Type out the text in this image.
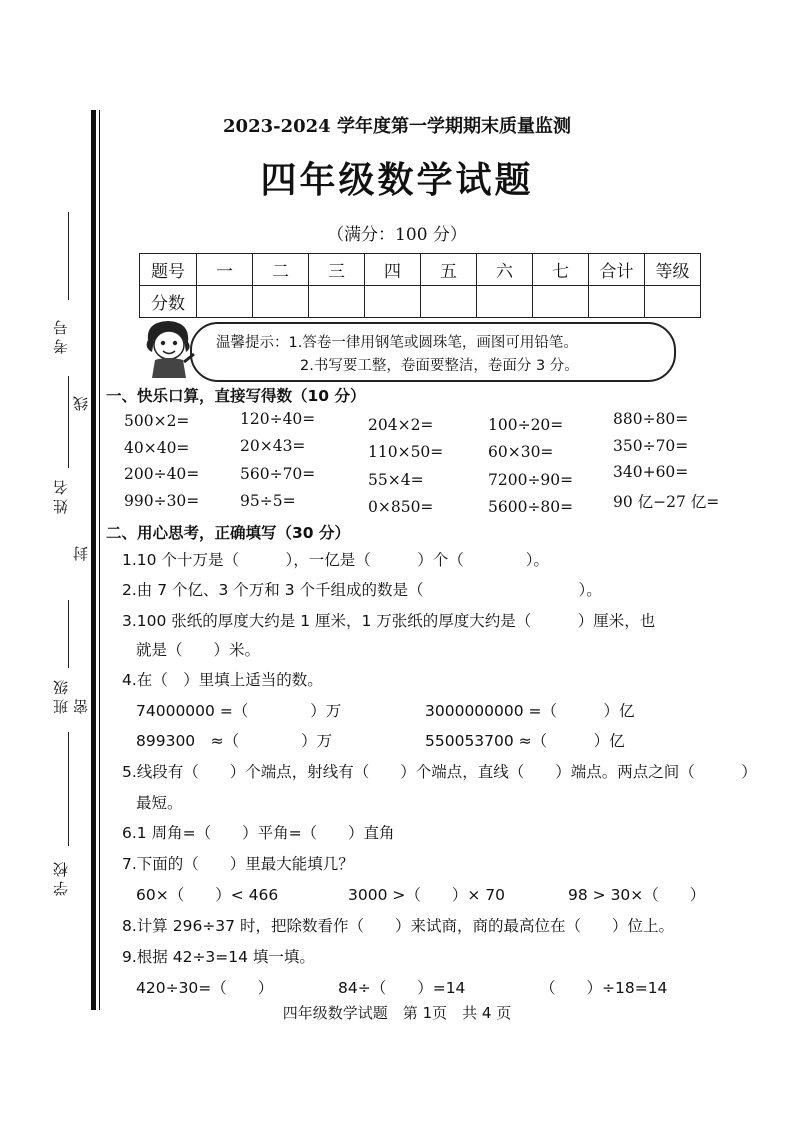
考号
线
姓名
封
班级 密
学校
2023-2024 学年度第一学期期末质量监测
四年级数学试题
（满分：100 分）
题号	一	二	三	四	五	六	七	合计	等级
分数									
温馨提示：1.答卷一律用钢笔或圆珠笔，画图可用铅笔。
2.书写要工整，卷面要整洁，卷面分 3 分。
一、快乐口算，直接写得数（10 分）
500×2=	120÷40=	204×2=	100÷20=	880÷80=
40×40=	20×43=	110×50=	60×30=	350÷70=
200÷40=	560÷70=	55×4=	7200÷90=	340+60=
990÷30=	95÷5=	0×850=	5600÷80=	90 亿−27 亿=
二、用心思考，正确填写（30 分）
1.10 个十万是（　　　），一亿是（　　　）个（　　　　）。
2.由 7 个亿、3 个万和 3 个千组成的数是（　　　　　　　　　　）。
3.100 张纸的厚度大约是 1 厘米，1 万张纸的厚度大约是（　　　）厘米，也
就是（　　）米。
4.在（　）里填上适当的数。
74000000 =（　　　　）万	3000000000 =（　　　）亿
899300　≈（　　　　）万	550053700 ≈（　　　）亿
5.线段有（　　）个端点，射线有（　　）个端点，直线（　　）端点。两点之间（　　　）
最短。
6.1 周角=（　　）平角=（　　）直角
7.下面的（　　）里最大能填几？
60×（　　）< 466	3000 >（　　）× 70	98 > 30×（　　）
8.计算 296÷37 时，把除数看作（　　）来试商，商的最高位在（　　）位上。
9.根据 42÷3=14 填一填。
420÷30=（　　）	84÷（　　）=14	（　　）÷18=14
四年级数学试题　第 1页　共 4 页
